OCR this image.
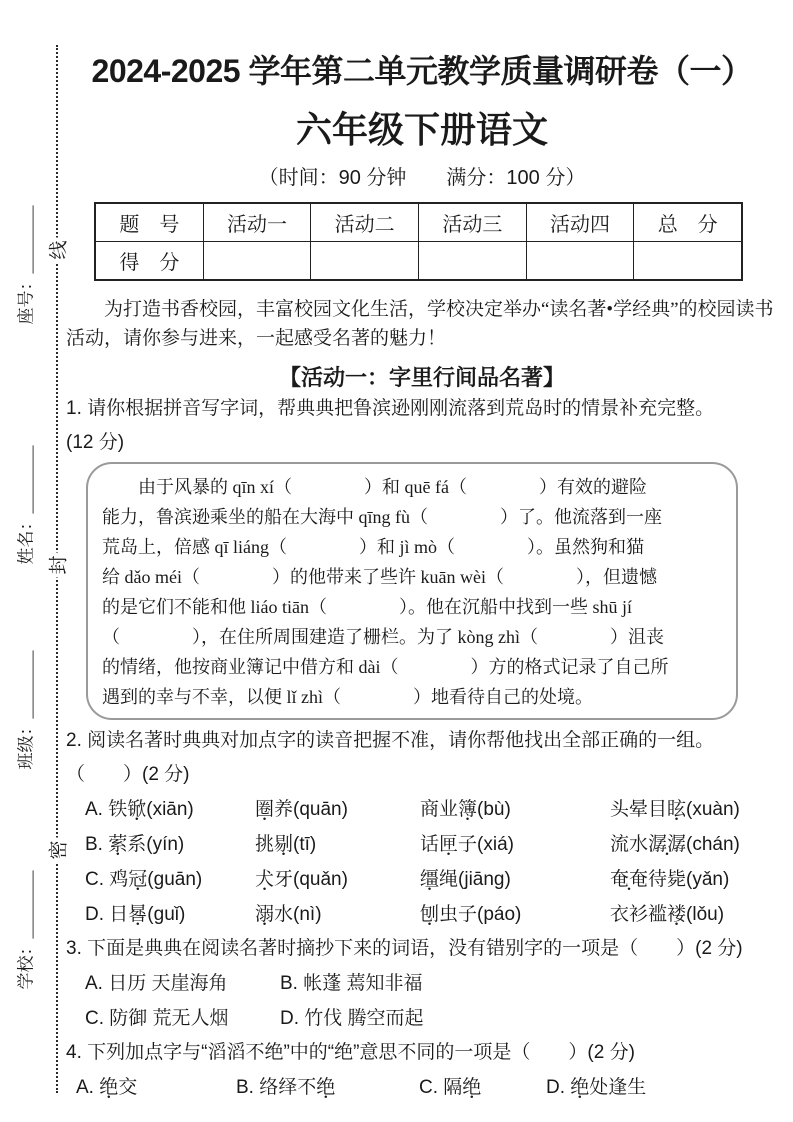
线
封
密
座号：________
姓名：________
班级：________
学校：________
2024-2025 学年第二单元教学质量调研卷（一）
六年级下册语文
（时间：90 分钟　　满分：100 分）
题　号	活动一	活动二	活动三	活动四	总　分
得　分
为打造书香校园，丰富校园文化生活，学校决定举办“读名著•学经典”的校园读书活动，请你参与进来，一起感受名著的魅力！
【活动一：字里行间品名著】
1. 请你根据拼音写字词，帮典典把鲁滨逊刚刚流落到荒岛时的情景补充完整。
(12 分)
　　由于风暴的 qīn xí（　　　　）和 quē fá（　　　　）有效的避险
能力，鲁滨逊乘坐的船在大海中 qīng fù（　　　　）了。他流落到一座
荒岛上，倍感 qī liáng（　　　　）和 jì mò（　　　　）。虽然狗和猫
给 dǎo méi（　　　　）的他带来了些许 kuān wèi（　　　　），但遗憾
的是它们不能和他 liáo tiān（　　　　）。他在沉船中找到一些 shū jí
（　　　　），在住所周围建造了栅栏。为了 kòng zhì（　　　　）沮丧
的情绪，他按商业簿记中借方和 dài（　　　　）方的格式记录了自己所
遇到的幸与不幸，以便 lǐ zhì（　　　　）地看待自己的处境。
2. 阅读名著时典典对加点字的读音把握不准，请你帮他找出全部正确的一组。
（　　）(2 分)
A. 铁锨(xiān)	圈养(quān)	商业簿(bù)	头晕目眩(xuàn)
B. 萦系(yín)	挑剔(tī)	话匣子(xiá)	流水潺潺(chán)
C. 鸡冠(guān)	犬牙(quǎn)	缰绳(jiāng)	奄奄待毙(yǎn)
D. 日晷(guǐ)	溺水(nì)	刨虫子(páo)	衣衫褴褛(lǒu)
3. 下面是典典在阅读名著时摘抄下来的词语，没有错别字的一项是（　　）(2 分)
A. 日历 天崖海角	B. 帐蓬 蔫知非福
C. 防御 荒无人烟	D. 竹伐 腾空而起
4. 下列加点字与“滔滔不绝”中的“绝”意思不同的一项是（　　）(2 分)
A. 绝交	B. 络绎不绝	C. 隔绝	D. 绝处逢生
